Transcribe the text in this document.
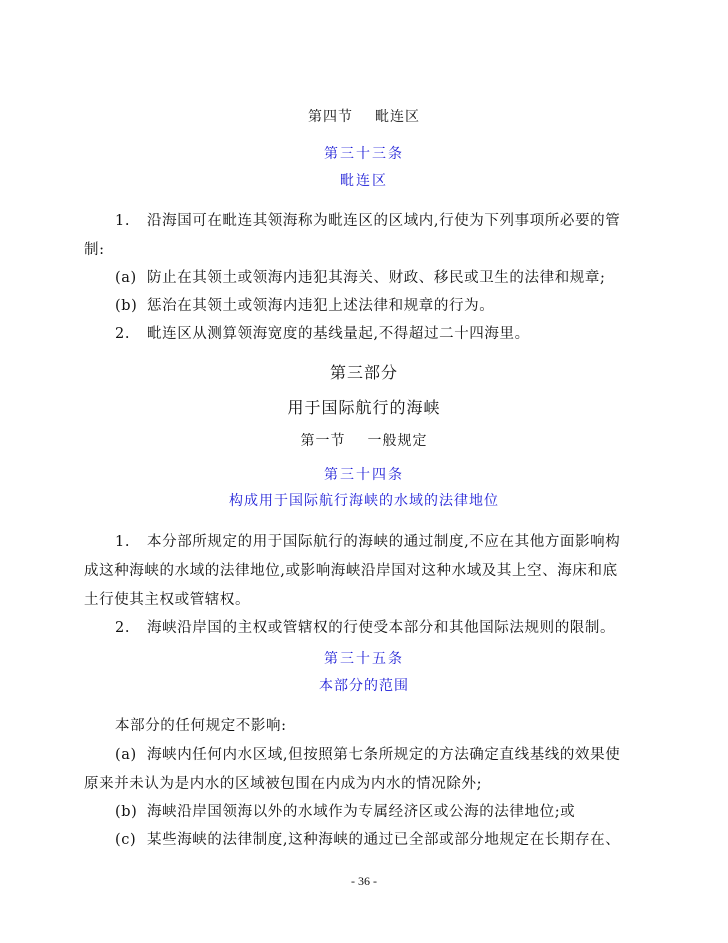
第四节 毗连区
第三十三条
毗连区
1. 沿海国可在毗连其领海称为毗连区的区域内,行使为下列事项所必要的管
制:
(a) 防止在其领土或领海内违犯其海关、财政、移民或卫生的法律和规章;
(b) 惩治在其领土或领海内违犯上述法律和规章的行为。
2. 毗连区从测算领海宽度的基线量起,不得超过二十四海里。
第三部分
用于国际航行的海峡
第一节 一般规定
第三十四条
构成用于国际航行海峡的水域的法律地位
1. 本分部所规定的用于国际航行的海峡的通过制度,不应在其他方面影响构
成这种海峡的水域的法律地位,或影响海峡沿岸国对这种水域及其上空、海床和底
土行使其主权或管辖权。
2. 海峡沿岸国的主权或管辖权的行使受本部分和其他国际法规则的限制。
第三十五条
本部分的范围
本部分的任何规定不影响:
(a) 海峡内任何内水区域,但按照第七条所规定的方法确定直线基线的效果使
原来并未认为是内水的区域被包围在内成为内水的情况除外;
(b) 海峡沿岸国领海以外的水域作为专属经济区或公海的法律地位;或
(c) 某些海峡的法律制度,这种海峡的通过已全部或部分地规定在长期存在、
- 36 -
